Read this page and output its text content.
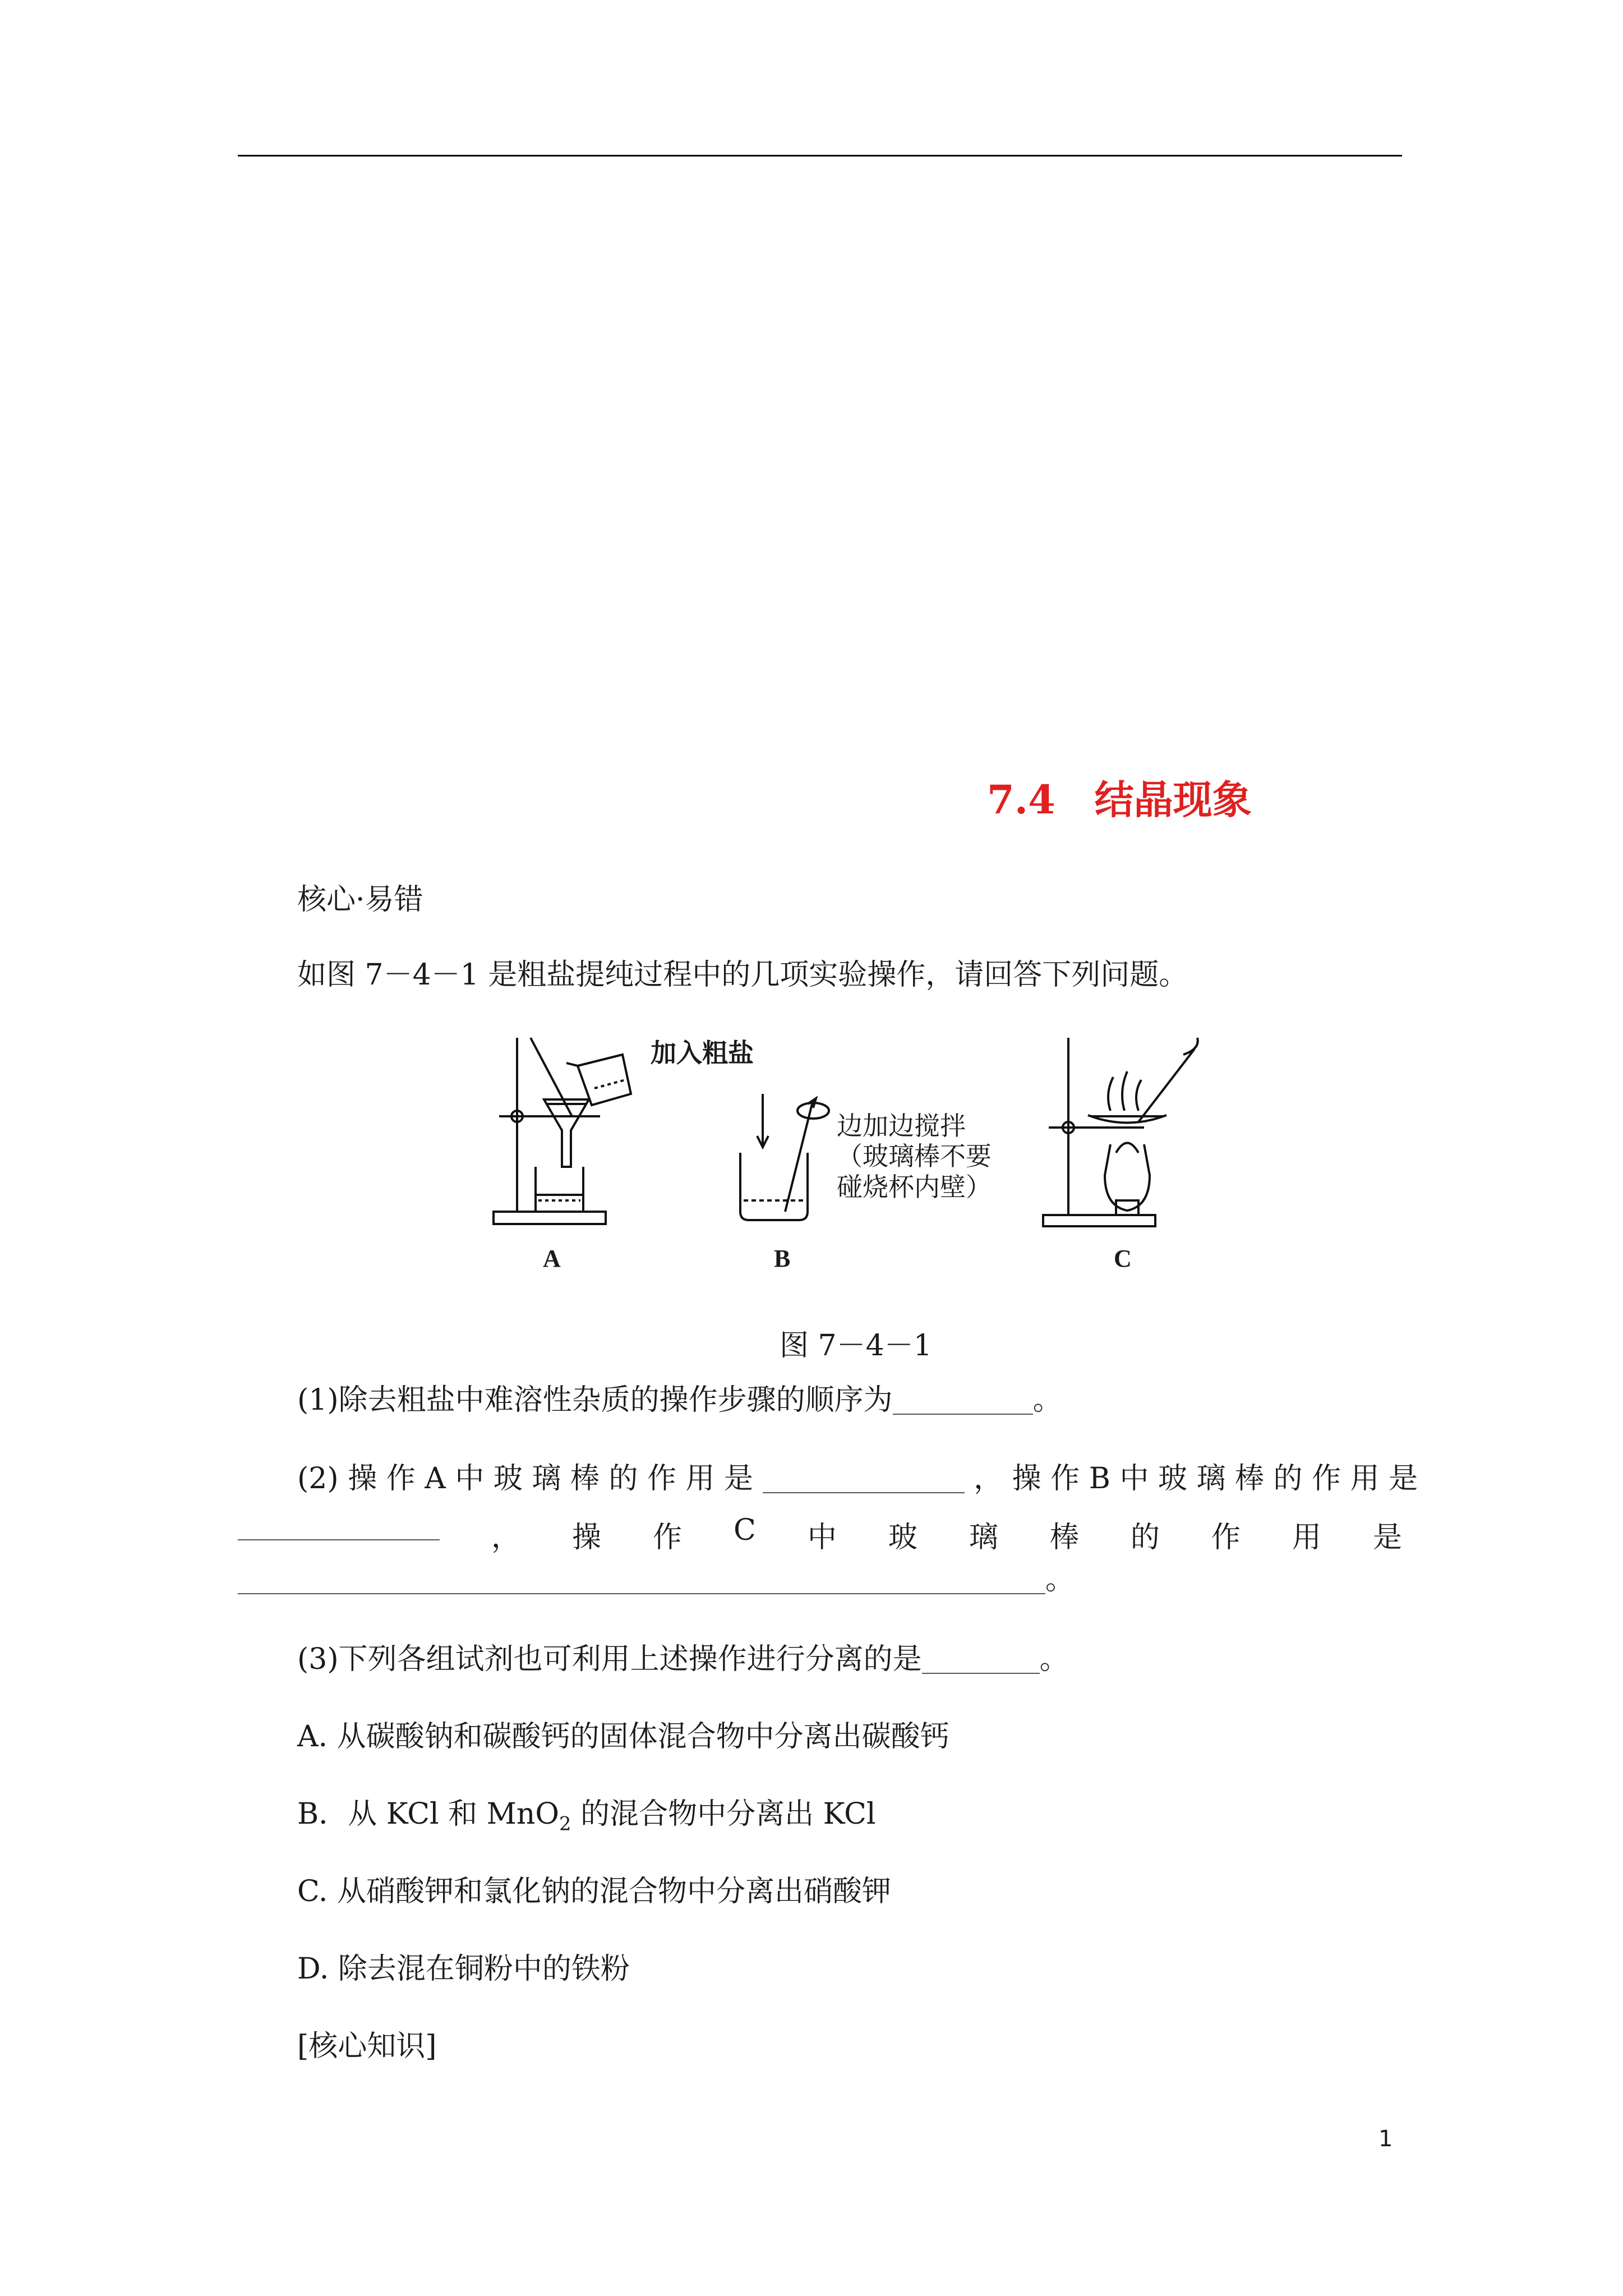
7.4 结晶现象
核心·易错
如图 7－4－1 是粗盐提纯过程中的几项实验操作，请回答下列问题。
加入粗盐
边加边搅拌
（玻璃棒不要
碰烧杯内壁）
A	B	C
图 7－4－1
(1)除去粗盐中难溶性杂质的操作步骤的顺序为	。
(2) 操 作 A 中 玻 璃 棒 的 作 用 是	， 操 作 B 中 玻 璃 棒 的 作 用 是
， 操 作 C 中 玻 璃 棒 的 作 用 是
。
(3)下列各组试剂也可利用上述操作进行分离的是	。
A. 从碳酸钠和碳酸钙的固体混合物中分离出碳酸钙
B．从 KCl 和 MnO$_2$ 的混合物中分离出 KCl
C. 从硝酸钾和氯化钠的混合物中分离出硝酸钾
D. 除去混在铜粉中的铁粉
[核心知识]
1
